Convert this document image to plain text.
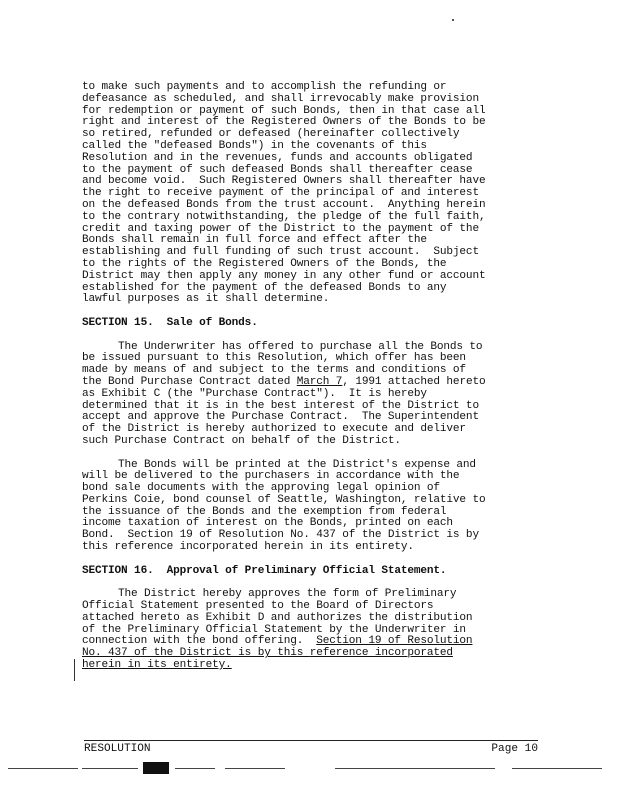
to make such payments and to accomplish the refunding or
defeasance as scheduled, and shall irrevocably make provision
for redemption or payment of such Bonds, then in that case all
right and interest of the Registered Owners of the Bonds to be
so retired, refunded or defeased (hereinafter collectively
called the "defeased Bonds") in the covenants of this
Resolution and in the revenues, funds and accounts obligated
to the payment of such defeased Bonds shall thereafter cease
and become void.  Such Registered Owners shall thereafter have
the right to receive payment of the principal of and interest
on the defeased Bonds from the trust account.  Anything herein
to the contrary notwithstanding, the pledge of the full faith,
credit and taxing power of the District to the payment of the
Bonds shall remain in full force and effect after the
establishing and full funding of such trust account.  Subject
to the rights of the Registered Owners of the Bonds, the
District may then apply any money in any other fund or account
established for the payment of the defeased Bonds to any
lawful purposes as it shall determine.
SECTION 15.  Sale of Bonds.
The Underwriter has offered to purchase all the Bonds to
be issued pursuant to this Resolution, which offer has been
made by means of and subject to the terms and conditions of
the Bond Purchase Contract dated March 7, 1991 attached hereto
as Exhibit C (the "Purchase Contract").  It is hereby
determined that it is in the best interest of the District to
accept and approve the Purchase Contract.  The Superintendent
of the District is hereby authorized to execute and deliver
such Purchase Contract on behalf of the District.
The Bonds will be printed at the District's expense and
will be delivered to the purchasers in accordance with the
bond sale documents with the approving legal opinion of
Perkins Coie, bond counsel of Seattle, Washington, relative to
the issuance of the Bonds and the exemption from federal
income taxation of interest on the Bonds, printed on each
Bond.  Section 19 of Resolution No. 437 of the District is by
this reference incorporated herein in its entirety.
SECTION 16.  Approval of Preliminary Official Statement.
The District hereby approves the form of Preliminary
Official Statement presented to the Board of Directors
attached hereto as Exhibit D and authorizes the distribution
of the Preliminary Official Statement by the Underwriter in
connection with the bond offering.  Section 19 of Resolution
No. 437 of the District is by this reference incorporated
herein in its entirety.
RESOLUTION	Page 10
